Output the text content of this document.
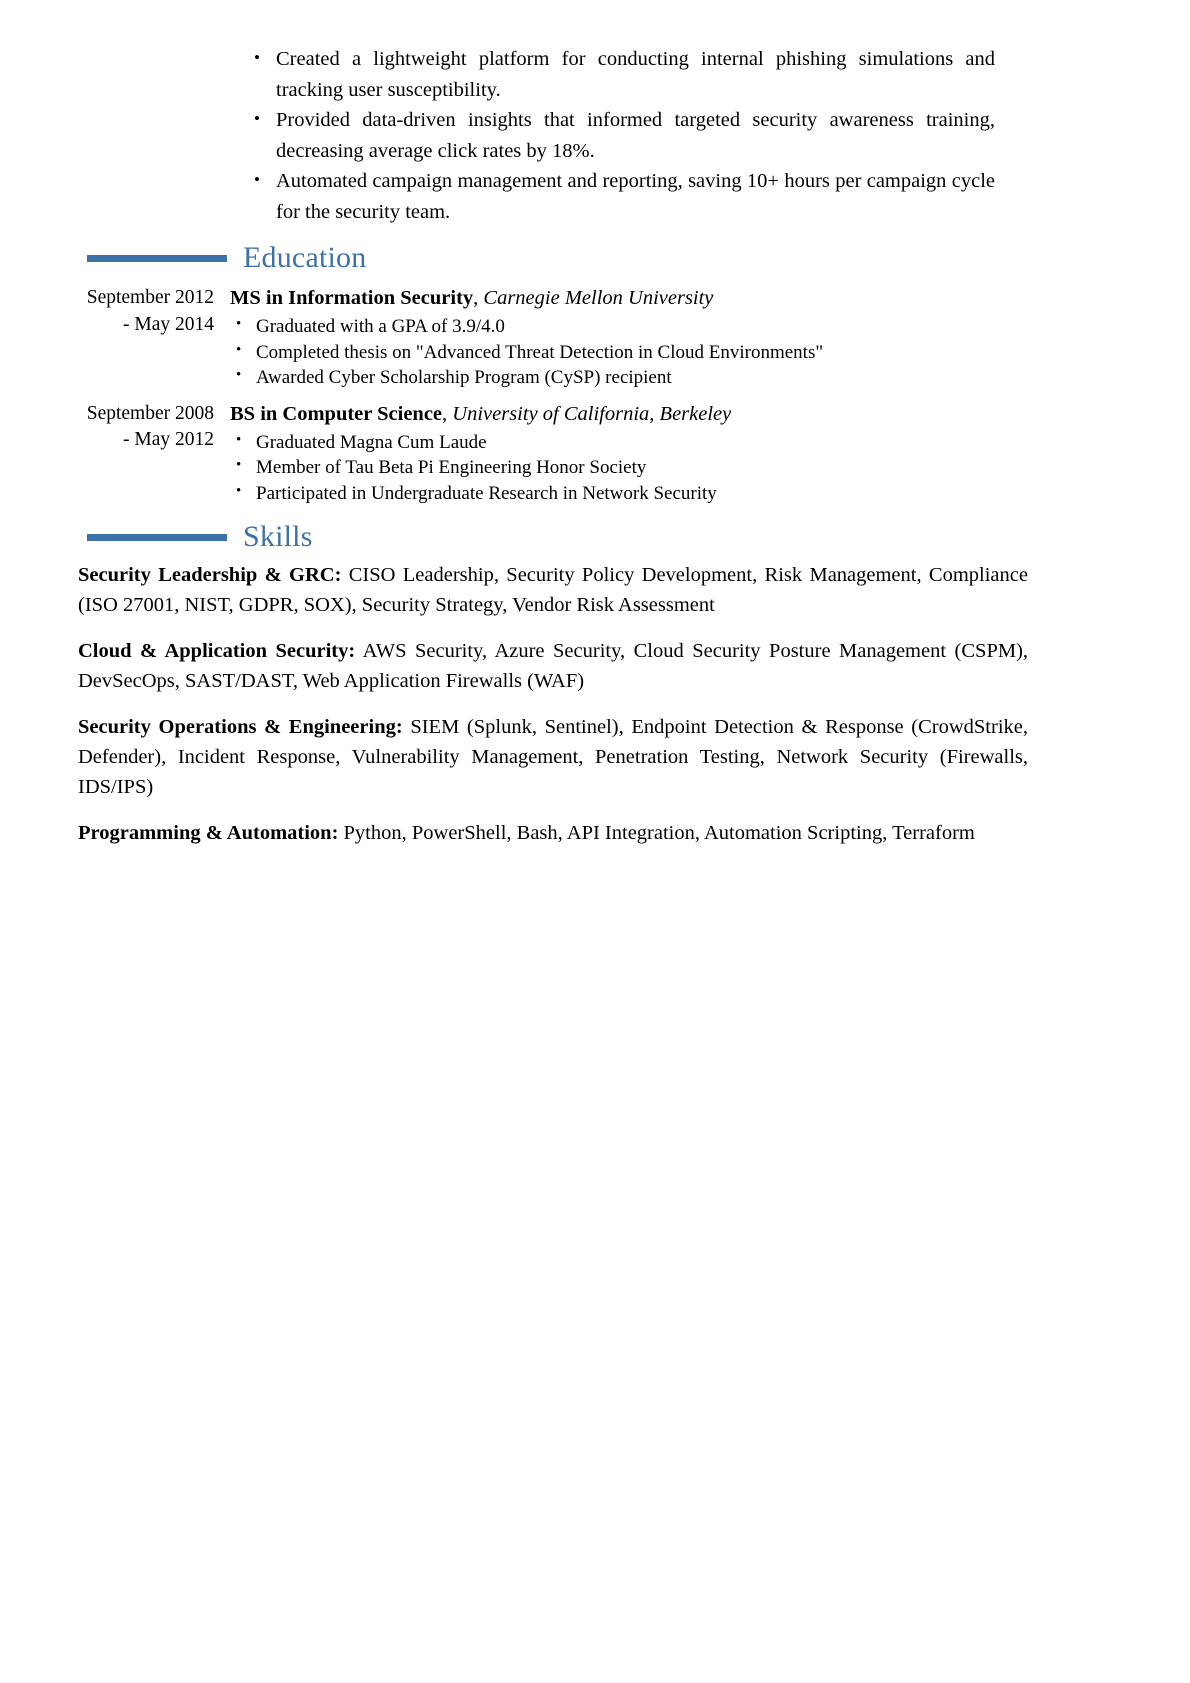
• Created a lightweight platform for conducting internal phishing simulations and tracking user susceptibility.
• Provided data-driven insights that informed targeted security awareness training, decreasing average click rates by 18%.
• Automated campaign management and reporting, saving 10+ hours per campaign cycle for the security team.
Education
September 2012 - May 2014
MS in Information Security, Carnegie Mellon University
• Graduated with a GPA of 3.9/4.0
• Completed thesis on "Advanced Threat Detection in Cloud Environments"
• Awarded Cyber Scholarship Program (CySP) recipient
September 2008 - May 2012
BS in Computer Science, University of California, Berkeley
• Graduated Magna Cum Laude
• Member of Tau Beta Pi Engineering Honor Society
• Participated in Undergraduate Research in Network Security
Skills
Security Leadership & GRC: CISO Leadership, Security Policy Development, Risk Management, Compliance (ISO 27001, NIST, GDPR, SOX), Security Strategy, Vendor Risk Assessment
Cloud & Application Security: AWS Security, Azure Security, Cloud Security Posture Management (CSPM), DevSecOps, SAST/DAST, Web Application Firewalls (WAF)
Security Operations & Engineering: SIEM (Splunk, Sentinel), Endpoint Detection & Response (CrowdStrike, Defender), Incident Response, Vulnerability Management, Penetration Testing, Network Security (Firewalls, IDS/IPS)
Programming & Automation: Python, PowerShell, Bash, API Integration, Automation Scripting, Terraform
